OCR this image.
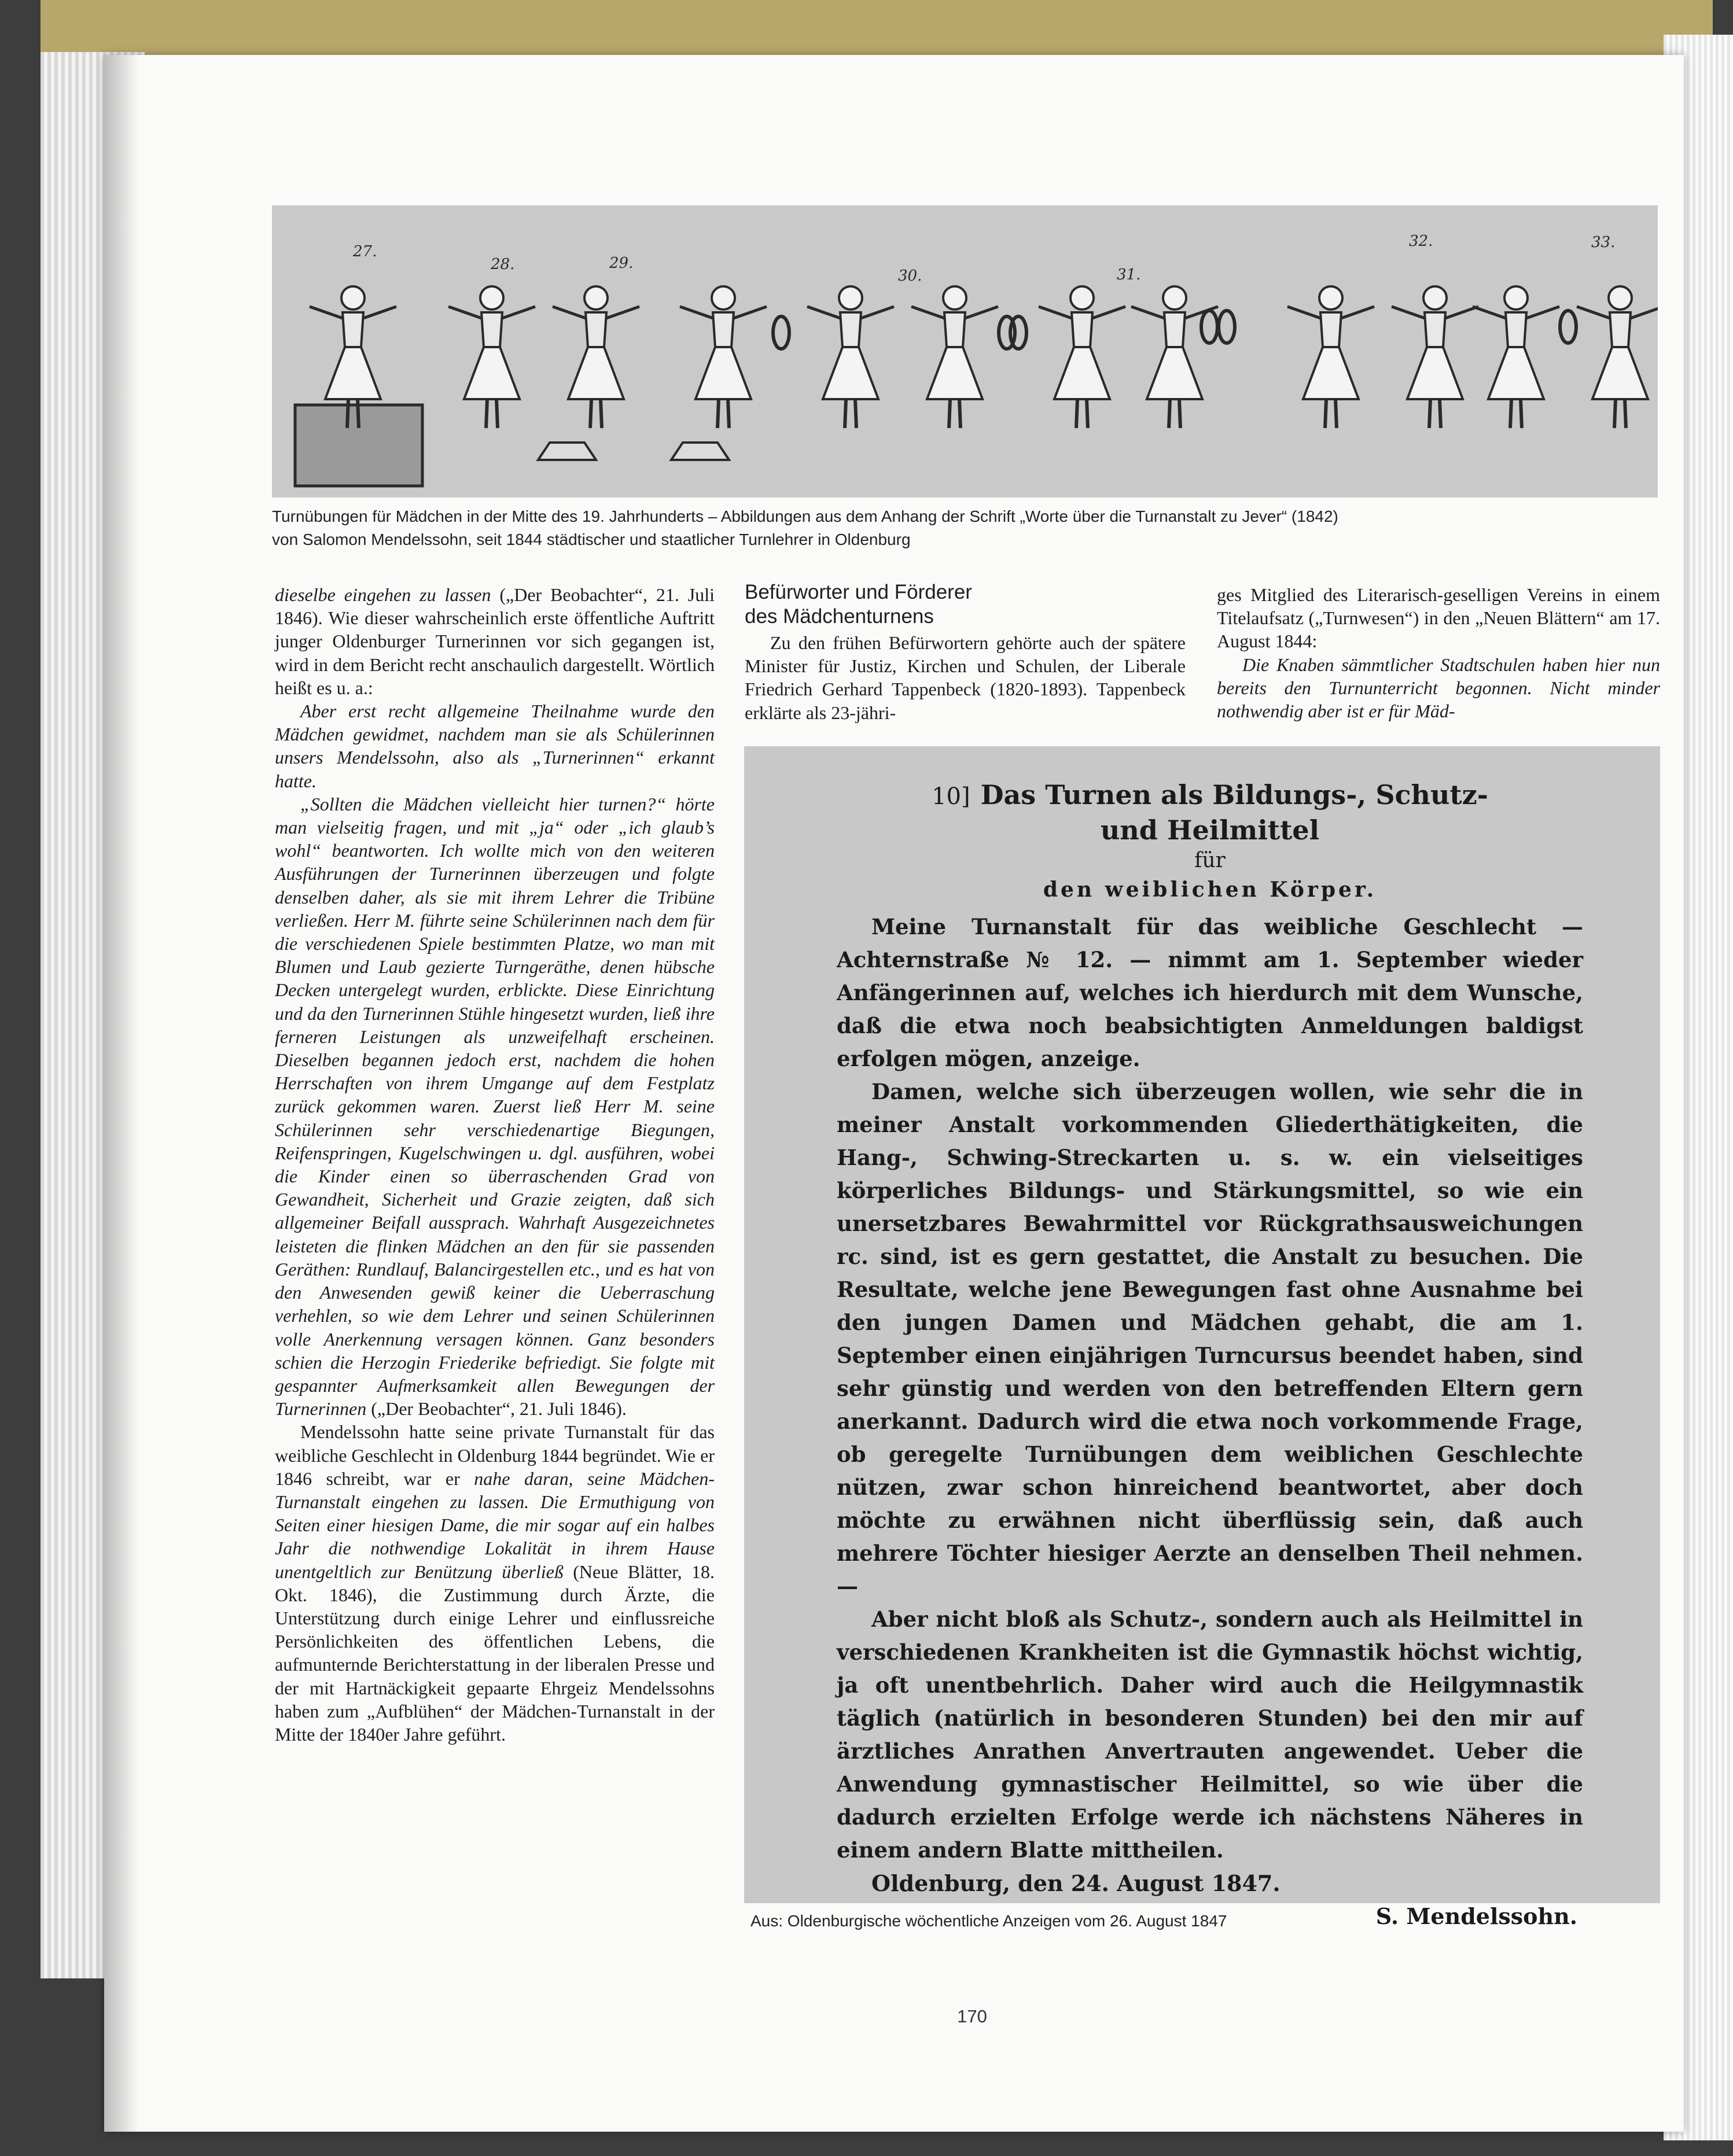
27.
28.	29.
30.	31.
32.	33.
Turnübungen für Mädchen in der Mitte des 19. Jahrhunderts – Abbildungen aus dem Anhang der Schrift „Worte über die Turnanstalt zu Jever“ (1842)
von Salomon Mendelssohn, seit 1844 städtischer und staatlicher Turnlehrer in Oldenburg

dieselbe eingehen zu lassen („Der Beobachter“, 21. Juli 1846). Wie dieser wahrscheinlich erste öffentliche Auftritt junger Oldenburger Turnerinnen vor sich gegangen ist, wird in dem Bericht recht anschaulich dargestellt. Wörtlich heißt es u. a.:

Aber erst recht allgemeine Theilnahme wurde den Mädchen gewidmet, nachdem man sie als Schülerinnen unsers Mendelssohn, also als „Turnerinnen“ erkannt hatte.

„Sollten die Mädchen vielleicht hier turnen?“ hörte man vielseitig fragen, und mit „ja“ oder „ich glaub’s wohl“ beantworten. Ich wollte mich von den weiteren Ausführungen der Turnerinnen überzeugen und folgte denselben daher, als sie mit ihrem Lehrer die Tribüne verließen. Herr M. führte seine Schülerinnen nach dem für die verschiedenen Spiele bestimmten Platze, wo man mit Blumen und Laub gezierte Turngeräthe, denen hübsche Decken untergelegt wurden, erblickte. Diese Einrichtung und da den Turnerinnen Stühle hingesetzt wurden, ließ ihre ferneren Leistungen als unzweifelhaft erscheinen. Dieselben begannen jedoch erst, nachdem die hohen Herrschaften von ihrem Umgange auf dem Festplatz zurück gekommen waren. Zuerst ließ Herr M. seine Schülerinnen sehr verschiedenartige Biegungen, Reifenspringen, Kugelschwingen u. dgl. ausführen, wobei die Kinder einen so überraschenden Grad von Gewandheit, Sicherheit und Grazie zeigten, daß sich allgemeiner Beifall aussprach. Wahrhaft Ausgezeichnetes leisteten die flinken Mädchen an den für sie passenden Geräthen: Rundlauf, Balancirgestellen etc., und es hat von den Anwesenden gewiß keiner die Ueberraschung verhehlen, so wie dem Lehrer und seinen Schülerinnen volle Anerkennung versagen können. Ganz besonders schien die Herzogin Friederike befriedigt. Sie folgte mit gespannter Aufmerksamkeit allen Bewegungen der Turnerinnen („Der Beobachter“, 21. Juli 1846).

Mendelssohn hatte seine private Turnanstalt für das weibliche Geschlecht in Oldenburg 1844 begründet. Wie er 1846 schreibt, war er nahe daran, seine Mädchen-Turnanstalt eingehen zu lassen. Die Ermuthigung von Seiten einer hiesigen Dame, die mir sogar auf ein halbes Jahr die nothwendige Lokalität in ihrem Hause unentgeltlich zur Benützung überließ (Neue Blätter, 18. Okt. 1846), die Zustimmung durch Ärzte, die Unterstützung durch einige Lehrer und einflussreiche Persönlichkeiten des öffentlichen Lebens, die aufmunternde Berichterstattung in der liberalen Presse und der mit Hartnäckigkeit gepaarte Ehrgeiz Mendelssohns haben zum „Aufblühen“ der Mädchen-Turnanstalt in der Mitte der 1840er Jahre geführt.

Befürworter und Förderer
des Mädchenturnens

Zu den frühen Befürwortern gehörte auch der spätere Minister für Justiz, Kirchen und Schulen, der Liberale Friedrich Gerhard Tappenbeck (1820-1893). Tappenbeck erklärte als 23-jähri-

ges Mitglied des Literarisch-geselligen Vereins in einem Titelaufsatz („Turnwesen“) in den „Neuen Blättern“ am 17. August 1844:

Die Knaben sämmtlicher Stadtschulen haben hier nun bereits den Turnunterricht begonnen. Nicht minder nothwendig aber ist er für Mäd-

10] Das Turnen als Bildungs-, Schutz-

und Heilmittel

für

den weiblichen Körper.

Meine Turnanstalt für das weibliche Geschlecht — Achternstraße № 12. — nimmt am 1. September wieder Anfängerinnen auf, welches ich hierdurch mit dem Wunsche, daß die etwa noch beabsichtigten Anmeldungen baldigst erfolgen mögen, anzeige.

Damen, welche sich überzeugen wollen, wie sehr die in meiner Anstalt vorkommenden Gliederthätigkeiten, die Hang-, Schwing-Streckarten u. s. w. ein vielseitiges körperliches Bildungs- und Stärkungsmittel, so wie ein unersetzbares Bewahrmittel vor Rückgrathsausweichungen rc. sind, ist es gern gestattet, die Anstalt zu besuchen. Die Resultate, welche jene Bewegungen fast ohne Ausnahme bei den jungen Damen und Mädchen gehabt, die am 1. September einen einjährigen Turncursus beendet haben, sind sehr günstig und werden von den betreffenden Eltern gern anerkannt. Dadurch wird die etwa noch vorkommende Frage, ob geregelte Turnübungen dem weiblichen Geschlechte nützen, zwar schon hinreichend beantwortet, aber doch möchte zu erwähnen nicht überflüssig sein, daß auch mehrere Töchter hiesiger Aerzte an denselben Theil nehmen. —

Aber nicht bloß als Schutz-, sondern auch als Heilmittel in verschiedenen Krankheiten ist die Gymnastik höchst wichtig, ja oft unentbehrlich. Daher wird auch die Heilgymnastik täglich (natürlich in besonderen Stunden) bei den mir auf ärztliches Anrathen Anvertrauten angewendet. Ueber die Anwendung gymnastischer Heilmittel, so wie über die dadurch erzielten Erfolge werde ich nächstens Näheres in einem andern Blatte mittheilen.

Oldenburg, den 24. August 1847.

S. Mendelssohn.

Aus: Oldenburgische wöchentliche Anzeigen vom 26. August 1847
170
